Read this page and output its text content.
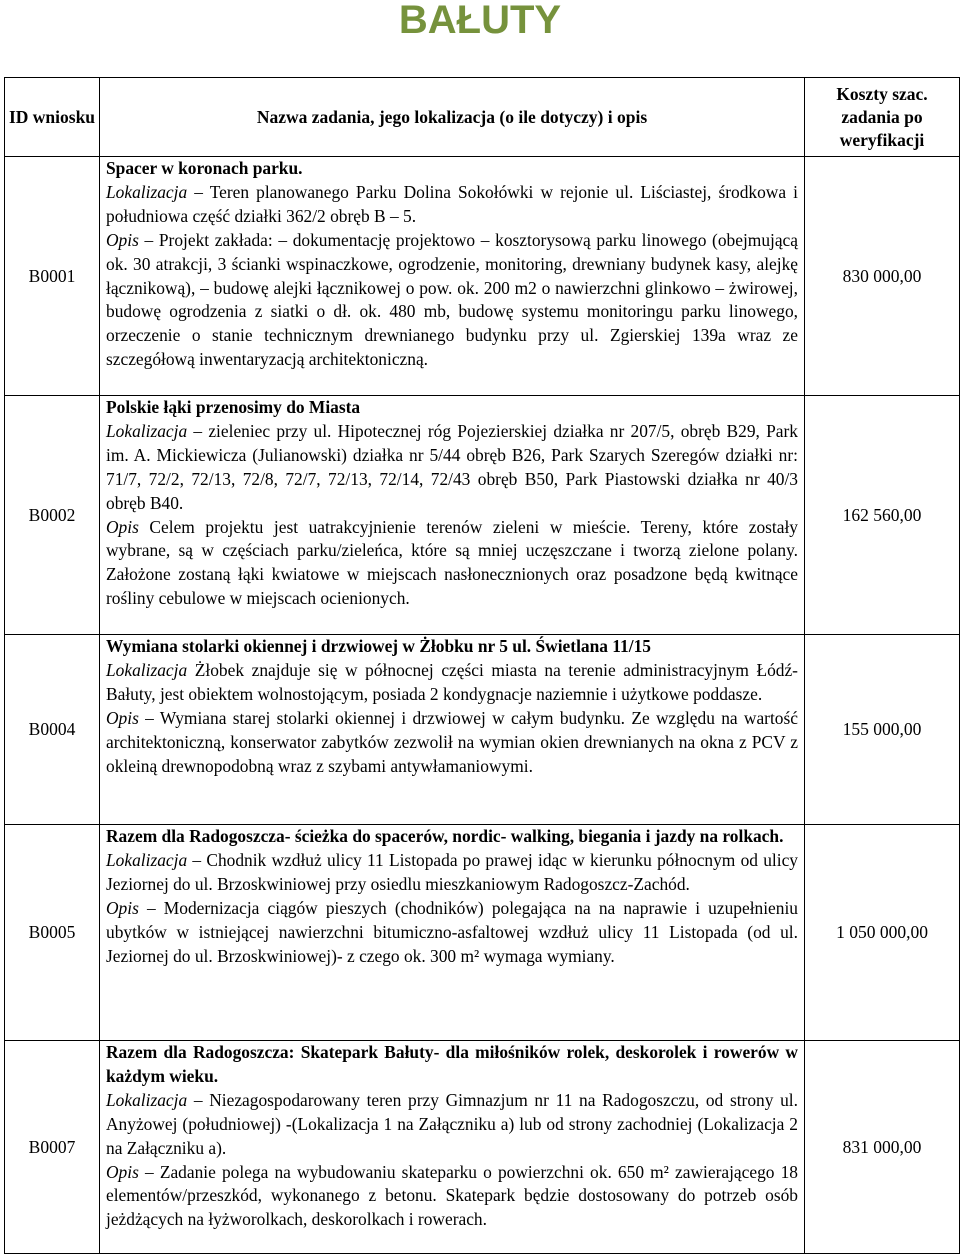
BAŁUTY
ID wniosku	Nazwa zadania, jego lokalizacja (o ile dotyczy) i opis	Koszty szac. zadania po weryfikacji
B0001	Spacer w koronach parku.

Lokalizacja – Teren planowanego Parku Dolina Sokołówki w rejonie ul. Liściastej, środkowa i południowa część działki 362/2 obręb B – 5.

Opis – Projekt zakłada: – dokumentację projektowo – kosztorysową parku linowego (obejmującą ok. 30 atrakcji, 3 ścianki wspinaczkowe, ogrodzenie, monitoring, drewniany budynek kasy, alejkę łącznikową), – budowę alejki łącznikowej o pow. ok. 200 m2 o nawierzchni glinkowo – żwirowej, budowę ogrodzenia z siatki o dł. ok. 480 mb, budowę systemu monitoringu parku linowego, orzeczenie o stanie technicznym drewnianego budynku przy ul. Zgierskiej 139a wraz ze szczegółową inwentaryzacją architektoniczną.	830 000,00
B0002	Polskie łąki przenosimy do Miasta

Lokalizacja – zieleniec przy ul. Hipotecznej róg Pojezierskiej działka nr 207/5, obręb B29, Park im. A. Mickiewicza (Julianowski) działka nr 5/44 obręb B26, Park Szarych Szeregów działki nr: 71/7, 72/2, 72/13, 72/8, 72/7, 72/13, 72/14, 72/43 obręb B50, Park Piastowski działka nr 40/3 obręb B40.

Opis Celem projektu jest uatrakcyjnienie terenów zieleni w mieście. Tereny, które zostały wybrane, są w częściach parku/zieleńca, które są mniej uczęszczane i tworzą zielone polany. Założone zostaną łąki kwiatowe w miejscach nasłonecznionych oraz posadzone będą kwitnące rośliny cebulowe w miejscach ocienionych.	162 560,00
B0004	Wymiana stolarki okiennej i drzwiowej w Żłobku nr 5 ul. Świetlana 11/15

Lokalizacja Żłobek znajduje się w północnej części miasta na terenie administracyjnym Łódź- Bałuty, jest obiektem wolnostojącym, posiada 2 kondygnacje naziemnie i użytkowe poddasze.

Opis – Wymiana starej stolarki okiennej i drzwiowej w całym budynku. Ze względu na wartość architektoniczną, konserwator zabytków zezwolił na wymian okien drewnianych na okna z PCV z okleiną drewnopodobną wraz z szybami antywłamaniowymi.	155 000,00
B0005	Razem dla Radogoszcza- ścieżka do spacerów, nordic- walking, biegania i jazdy na rolkach.

Lokalizacja – Chodnik wzdłuż ulicy 11 Listopada po prawej idąc w kierunku północnym od ulicy Jeziornej do ul. Brzoskwiniowej przy osiedlu mieszkaniowym Radogoszcz-Zachód.

Opis – Modernizacja ciągów pieszych (chodników) polegająca na na naprawie i uzupełnieniu ubytków w istniejącej nawierzchni bitumiczno-asfaltowej wzdłuż ulicy 11 Listopada (od ul. Jeziornej do ul. Brzoskwiniowej)- z czego ok. 300 m² wymaga wymiany.	1 050 000,00
B0007	Razem dla Radogoszcza: Skatepark Bałuty- dla miłośników rolek, deskorolek i rowerów w każdym wieku.

Lokalizacja – Niezagospodarowany teren przy Gimnazjum nr 11 na Radogoszczu, od strony ul. Anyżowej (południowej) -(Lokalizacja 1 na Załączniku a) lub od strony zachodniej (Lokalizacja 2 na Załączniku a).

Opis – Zadanie polega na wybudowaniu skateparku o powierzchni ok. 650 m² zawierającego 18 elementów/przeszkód, wykonanego z betonu. Skatepark będzie dostosowany do potrzeb osób jeżdżących na łyżworolkach, deskorolkach i rowerach.	831 000,00
